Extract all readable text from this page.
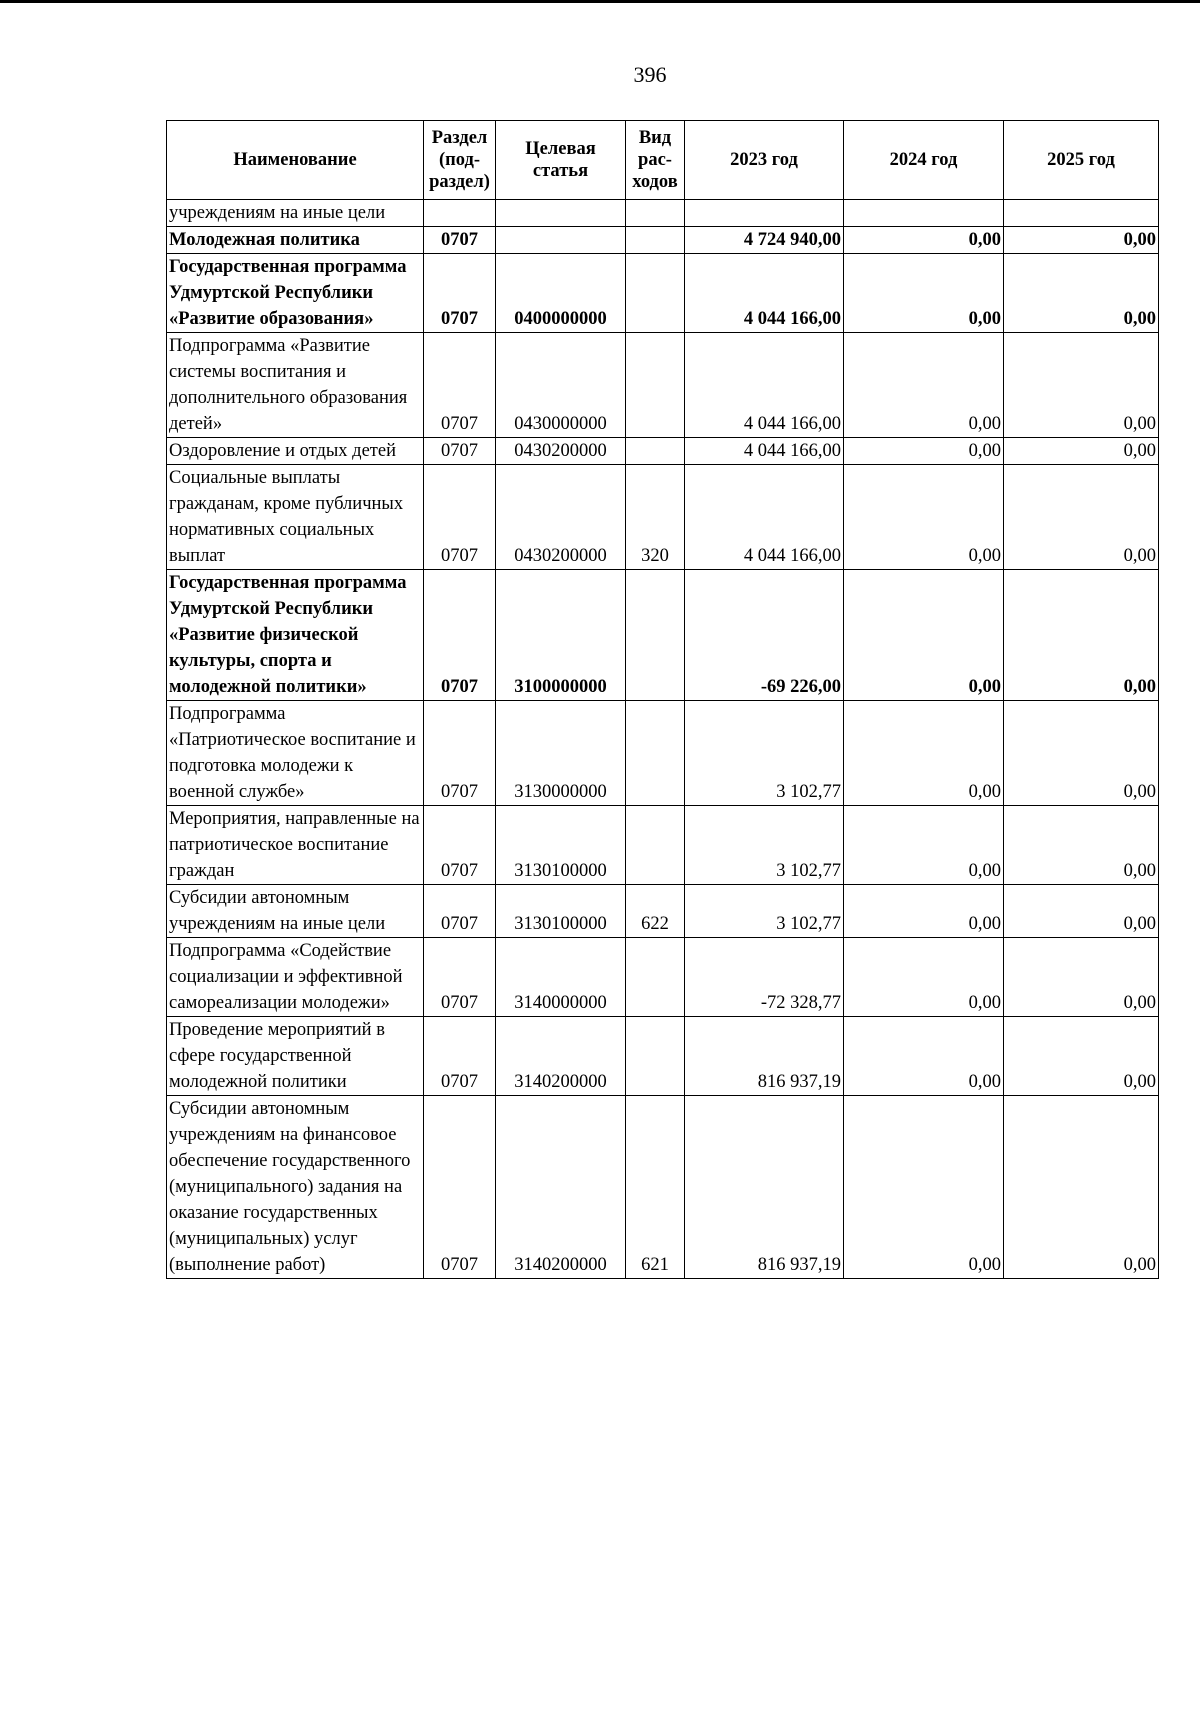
396
Наименование	Раздел (под-раздел)	Целевая статья	Вид рас-ходов	2023 год	2024 год	2025 год
учреждениям на иные цели						
Молодежная политика	0707			4 724 940,00	0,00	0,00
Государственная программа Удмуртской Республики «Развитие образования»	0707	0400000000		4 044 166,00	0,00	0,00
Подпрограмма «Развитие системы воспитания и дополнительного образования детей»	0707	0430000000		4 044 166,00	0,00	0,00
Оздоровление и отдых детей	0707	0430200000		4 044 166,00	0,00	0,00
Социальные выплаты гражданам, кроме публичных нормативных социальных выплат	0707	0430200000	320	4 044 166,00	0,00	0,00
Государственная программа Удмуртской Республики «Развитие физической культуры, спорта и молодежной политики»	0707	3100000000		-69 226,00	0,00	0,00
Подпрограмма «Патриотическое воспитание и подготовка молодежи к военной службе»	0707	3130000000		3 102,77	0,00	0,00
Мероприятия, направленные на патриотическое воспитание граждан	0707	3130100000		3 102,77	0,00	0,00
Субсидии автономным учреждениям на иные цели	0707	3130100000	622	3 102,77	0,00	0,00
Подпрограмма «Содействие социализации и эффективной самореализации молодежи»	0707	3140000000		-72 328,77	0,00	0,00
Проведение мероприятий в сфере государственной молодежной политики	0707	3140200000		816 937,19	0,00	0,00
Субсидии автономным учреждениям на финансовое обеспечение государственного (муниципального) задания на оказание государственных (муниципальных) услуг (выполнение работ)	0707	3140200000	621	816 937,19	0,00	0,00
